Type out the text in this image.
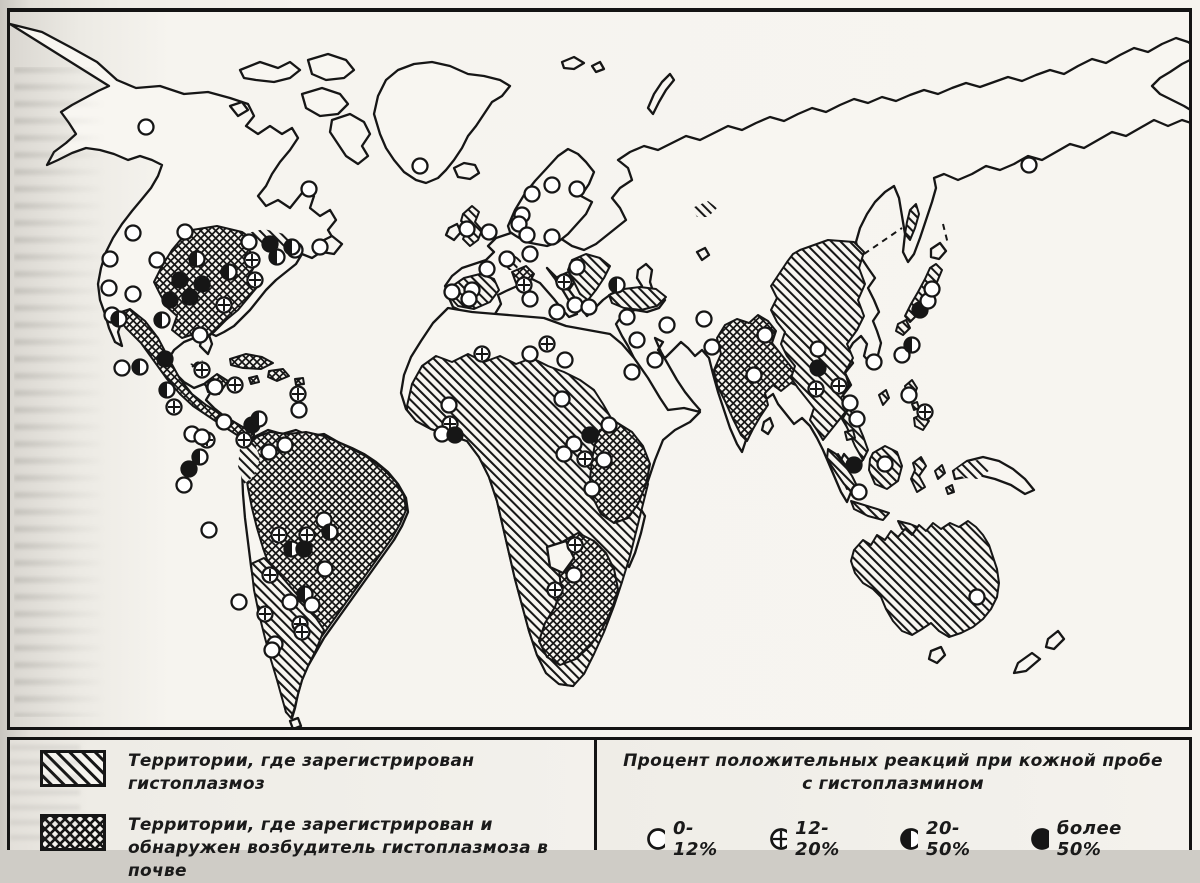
Территории, где зарегистрирован гистоплазмоз
Территории, где зарегистрирован и обнаружен возбудитель гистоплазмоза в почве
Процент положительных реакций при кожной пробе
с гистоплазмином
0-12%
12-20%
20-50%
более 50%
